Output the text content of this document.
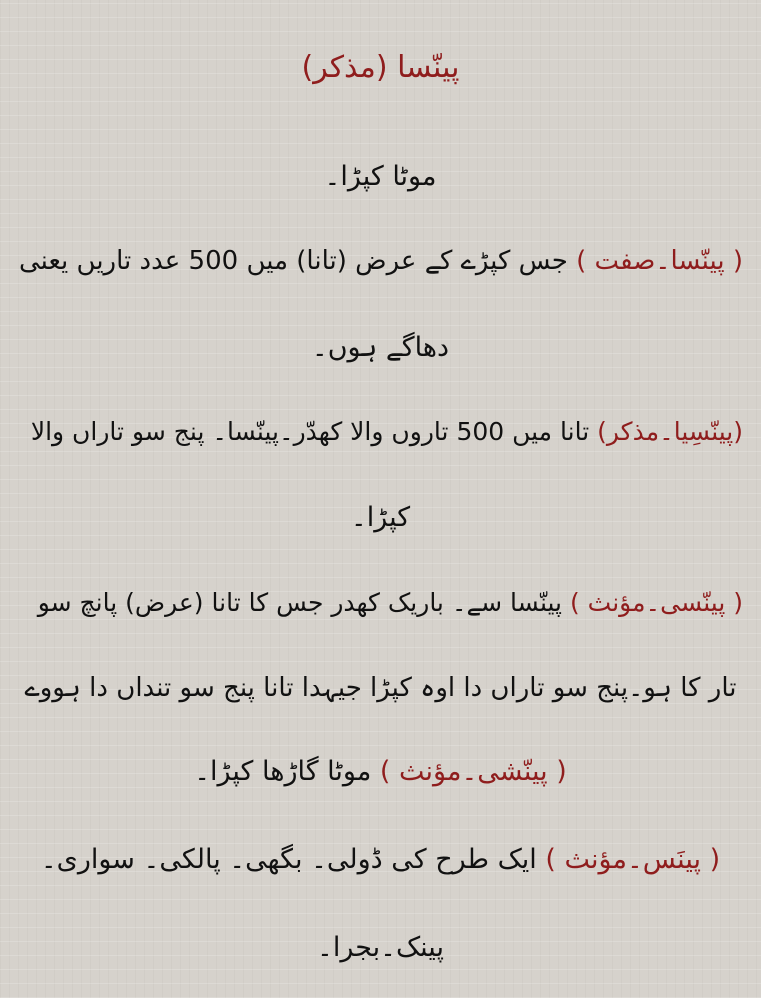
پینّسا (مذکر)
موٹا کپڑا۔
( پینّسا۔صفت ) جس کپڑے کے عرض (تانا) میں 500 عدد تاریں یعنی
دھاگے ہوں۔
(پینّسِیا۔مذکر) تانا میں 500 تاروں والا کھدّر۔پینّسا۔ پنج سو تاراں والا
کپڑا۔
( پینّسی۔مؤنث ) پینّسا سے۔ باریک کھدر جس کا تانا (عرض) پانچ سو
تار کا ہو۔پنج سو تاراں دا اوہ کپڑا جیہدا تانا پنج سو تنداں دا ہووے
( پینّشی۔مؤنث ) موٹا گاڑھا کپڑا۔
( پینَس۔مؤنث ) ایک طرح کی ڈولی۔ بگھی۔ پالکی۔ سواری۔
پینک۔بجرا۔
